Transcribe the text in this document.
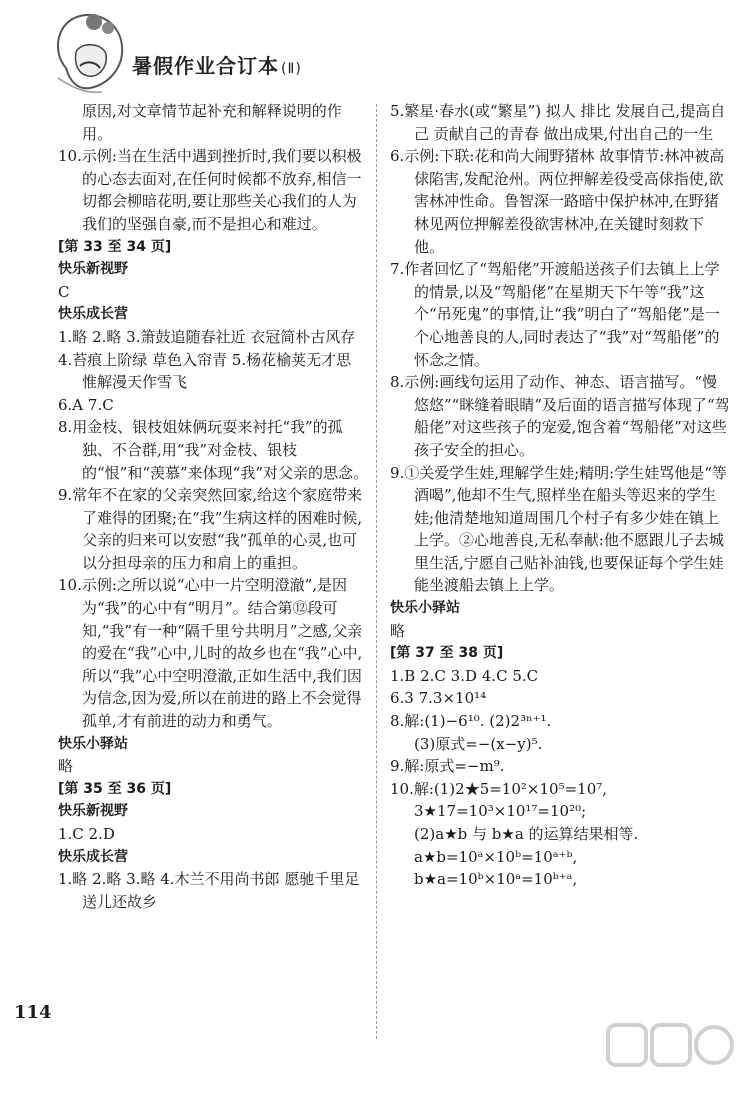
暑假作业合订本 (Ⅱ)

原因,对文章情节起补充和解释说明的作用。

10.示例:当在生活中遇到挫折时,我们要以积极的心态去面对,在任何时候都不放弃,相信一切都会柳暗花明,要让那些关心我们的人为我们的坚强自豪,而不是担心和难过。

[第 33 至 34 页]

快乐新视野

C

快乐成长营

1.略 2.略 3.箫鼓追随春社近 衣冠简朴古风存

4.苔痕上阶绿 草色入帘青 5.杨花榆荚无才思 惟解漫天作雪飞

6.A 7.C

8.用金枝、银枝姐妹俩玩耍来衬托“我”的孤独、不合群,用“我”对金枝、银枝的“恨”和“羡慕”来体现“我”对父亲的思念。

9.常年不在家的父亲突然回家,给这个家庭带来了难得的团聚;在“我”生病这样的困难时候,父亲的归来可以安慰“我”孤单的心灵,也可以分担母亲的压力和肩上的重担。

10.示例:之所以说“心中一片空明澄澈”,是因为“我”的心中有“明月”。结合第⑫段可知,“我”有一种“隔千里兮共明月”之感,父亲的爱在“我”心中,儿时的故乡也在“我”心中,所以“我”心中空明澄澈,正如生活中,我们因为信念,因为爱,所以在前进的路上不会觉得孤单,才有前进的动力和勇气。

快乐小驿站

略

[第 35 至 36 页]

快乐新视野

1.C 2.D

快乐成长营

1.略 2.略 3.略 4.木兰不用尚书郎 愿驰千里足 送儿还故乡

5.繁星·春水(或“繁星”) 拟人 排比 发展自己,提高自己 贡献自己的青春 做出成果,付出自己的一生

6.示例:下联:花和尚大闹野猪林 故事情节:林冲被高俅陷害,发配沧州。两位押解差役受高俅指使,欲害林冲性命。鲁智深一路暗中保护林冲,在野猪林见两位押解差役欲害林冲,在关键时刻救下他。

7.作者回忆了“驾船佬”开渡船送孩子们去镇上上学的情景,以及“驾船佬”在星期天下午等“我”这个“吊死鬼”的事情,让“我”明白了“驾船佬”是一个心地善良的人,同时表达了“我”对“驾船佬”的怀念之情。

8.示例:画线句运用了动作、神态、语言描写。“慢悠悠”“眯缝着眼睛”及后面的语言描写体现了“驾船佬”对这些孩子的宠爱,饱含着“驾船佬”对这些孩子安全的担心。

9.①关爱学生娃,理解学生娃;精明:学生娃骂他是“等酒喝”,他却不生气,照样坐在船头等迟来的学生娃;他清楚地知道周围几个村子有多少娃在镇上上学。②心地善良,无私奉献:他不愿跟儿子去城里生活,宁愿自己贴补油钱,也要保证每个学生娃能坐渡船去镇上上学。

快乐小驿站

略

[第 37 至 38 页]

1.B 2.C 3.D 4.C 5.C

6.3 7.3×10¹⁴

8.解:(1)−6¹⁰. (2)2³ⁿ⁺¹.

(3)原式=−(x−y)⁵.

9.解:原式=−m⁹.

10.解:(1)2★5=10²×10⁵=10⁷,

3★17=10³×10¹⁷=10²⁰;

(2)a★b 与 b★a 的运算结果相等.

a★b=10ᵃ×10ᵇ=10ᵃ⁺ᵇ,

b★a=10ᵇ×10ᵃ=10ᵇ⁺ᵃ,

114
